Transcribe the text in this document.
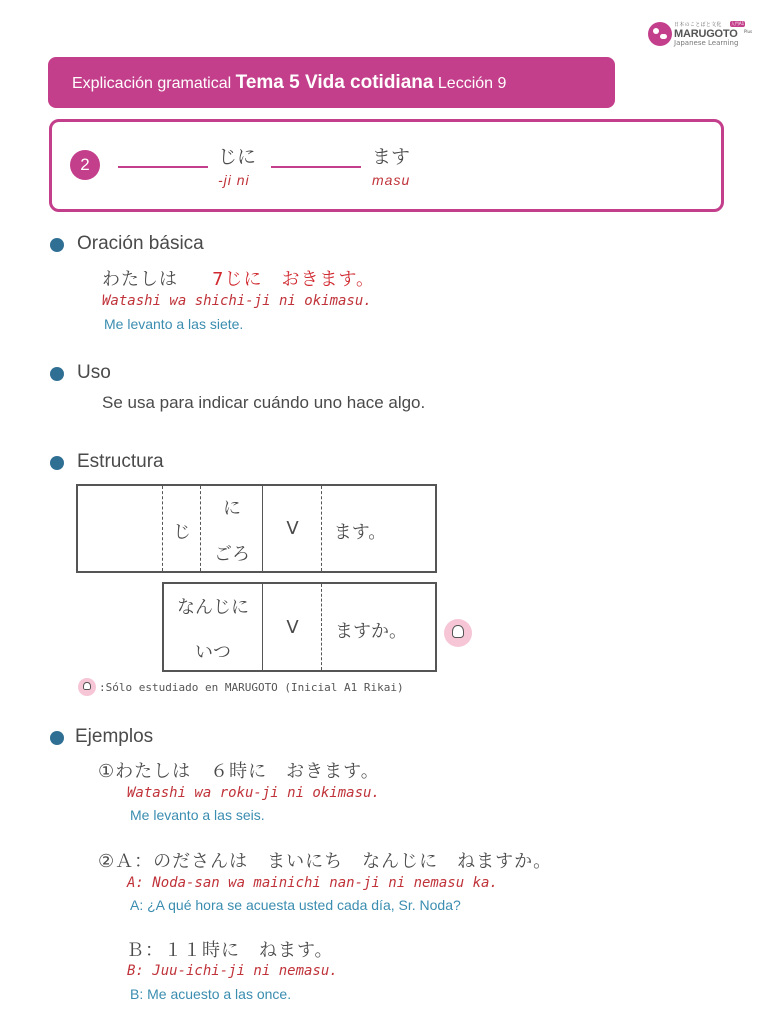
日本のことばと文化 入門A1
MARUGOTO Plus
Japanese Learning
Explicación gramatical Tema 5 Vida cotidiana Lección 9
2	じに
-ji ni
ます
masu
Oración básica
わたしは 7じに　おきます。
Watashi wa shichi-ji ni okimasu.
Me levanto a las siete.
Uso
Se usa para indicar cuándo uno hace algo.
Estructura
じ
に
ごろ
V	ます。
なんじに
いつ
V	ますか。
:Sólo estudiado en MARUGOTO (Inicial A1 Rikai)
Ejemplos
①わたしは　６時に　おきます。
Watashi wa roku-ji ni okimasu.
Me levanto a las seis.
②Ａ：のださんは　まいにち　なんじに　ねますか。
A: Noda-san wa mainichi nan-ji ni nemasu ka.
A: ¿A qué hora se acuesta usted cada día, Sr. Noda?
Ｂ：１１時に　ねます。
B: Juu-ichi-ji ni nemasu.
B: Me acuesto a las once.
